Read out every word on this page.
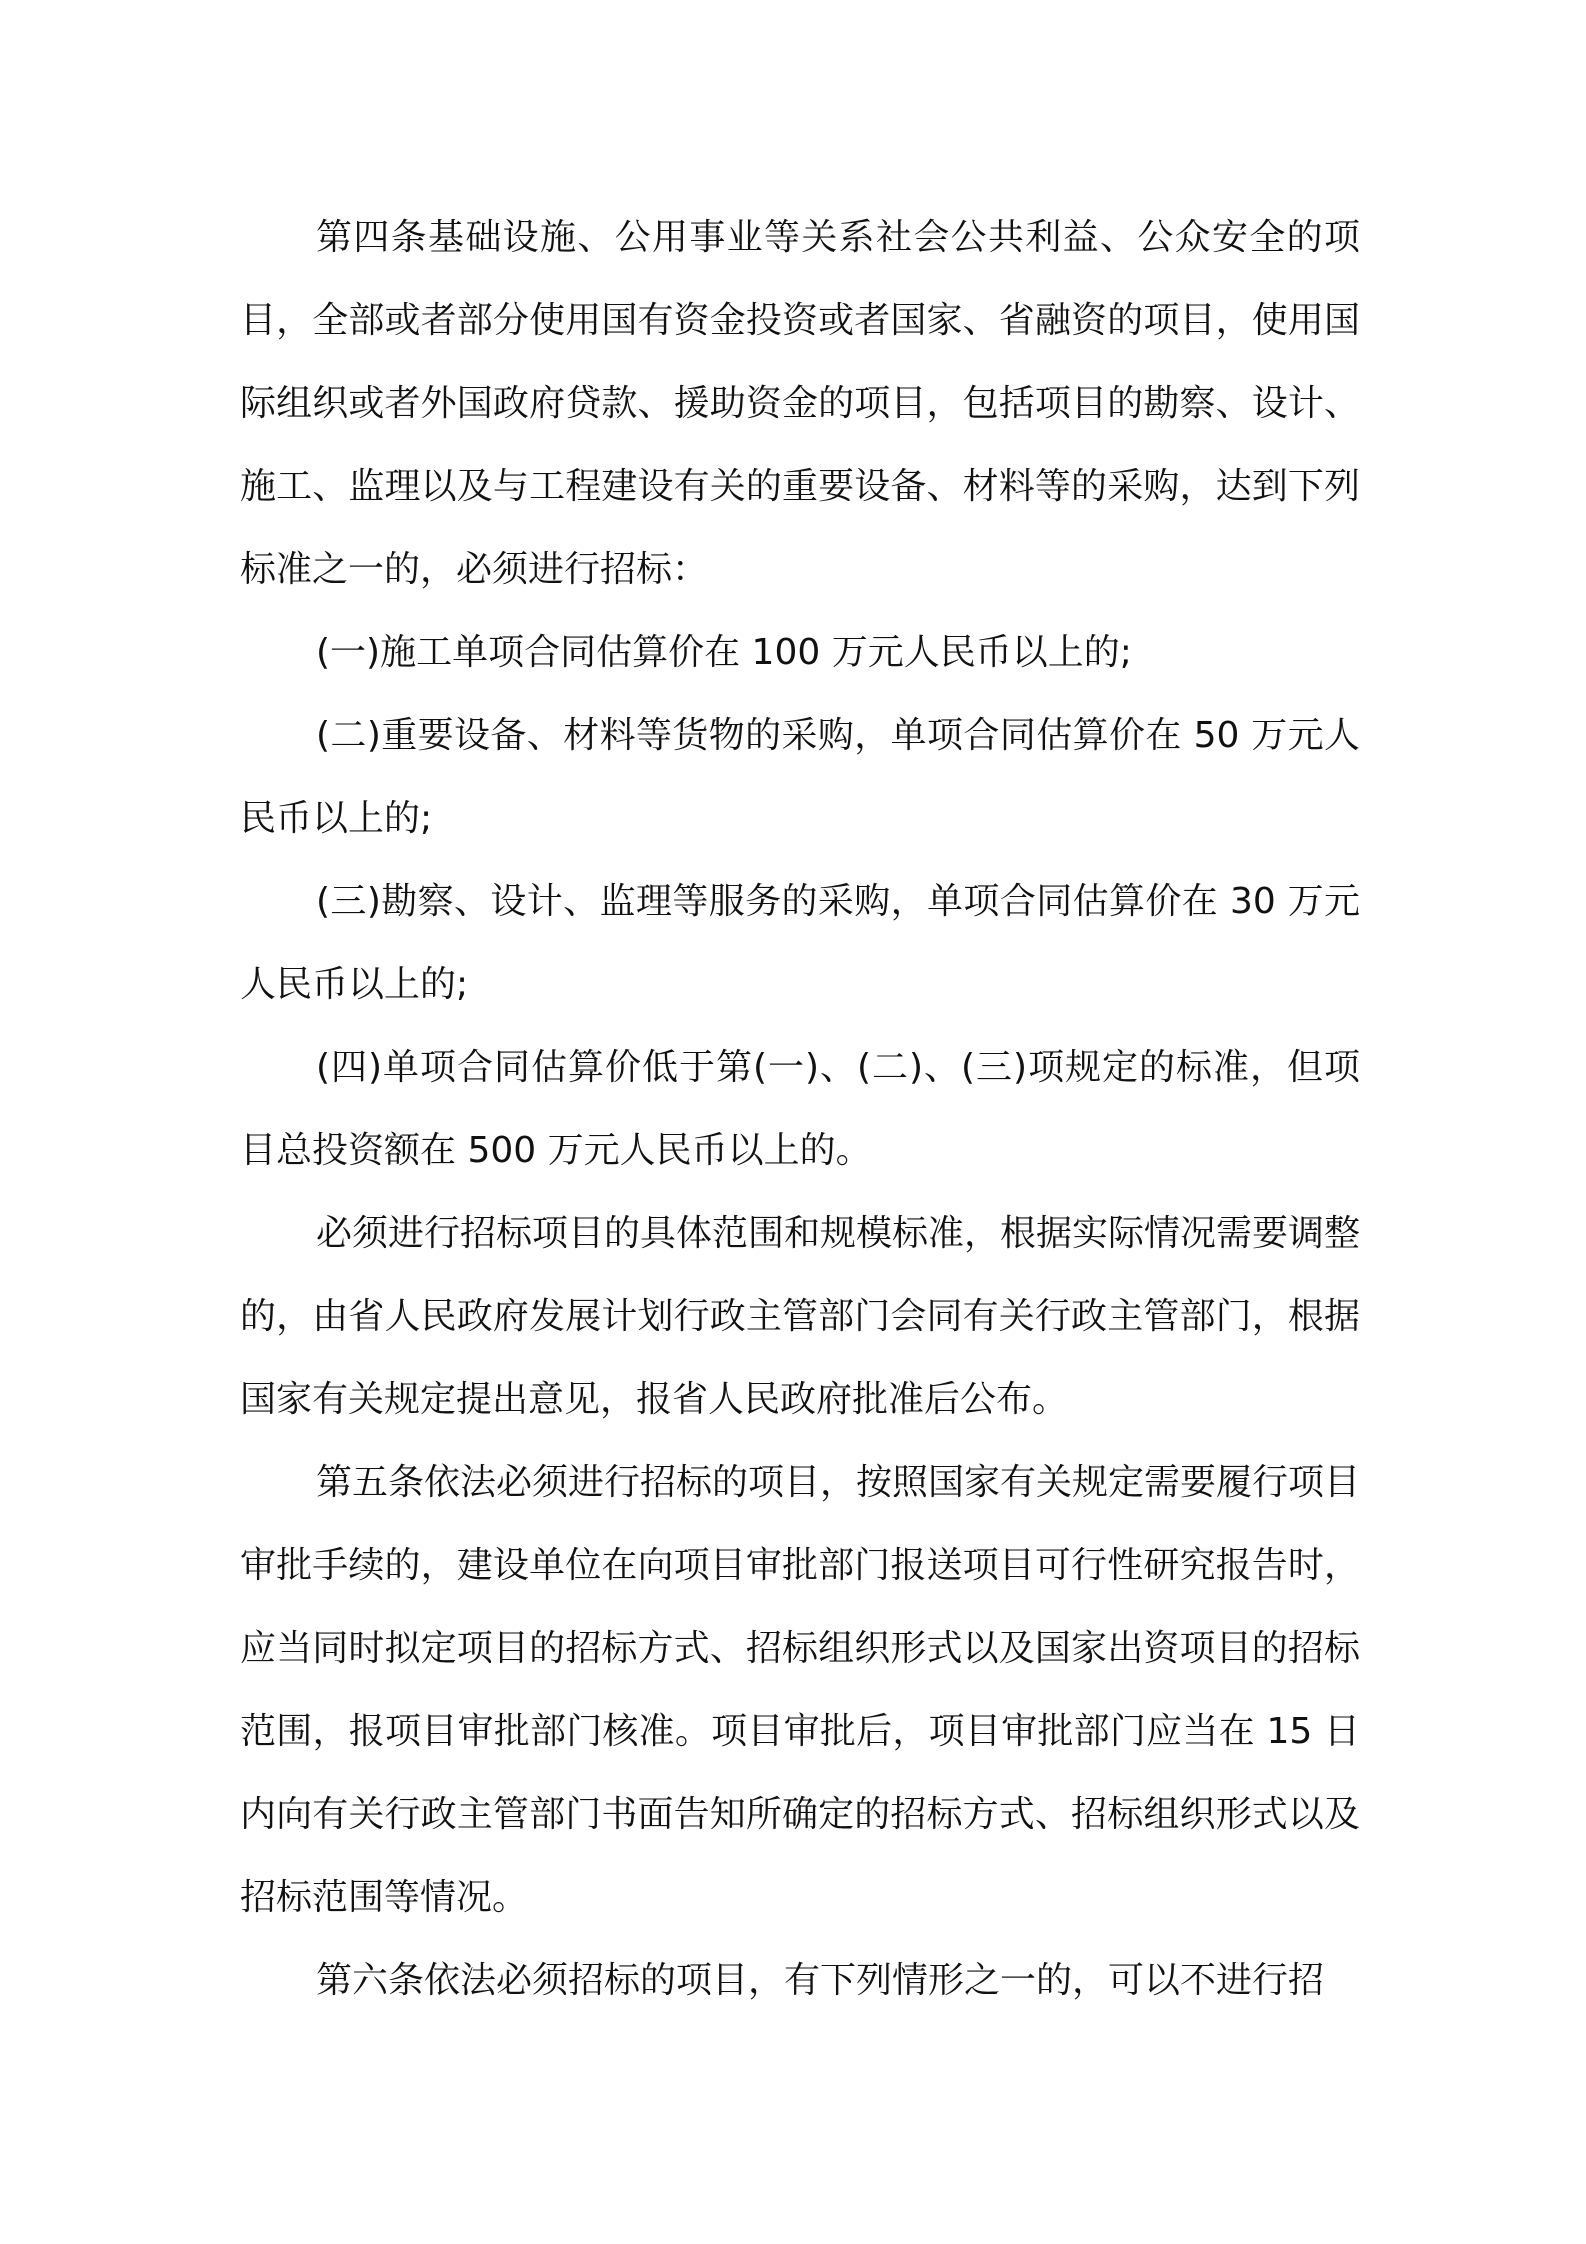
第四条基础设施、公用事业等关系社会公共利益、公众安全的项目，全部或者部分使用国有资金投资或者国家、省融资的项目，使用国际组织或者外国政府贷款、援助资金的项目，包括项目的勘察、设计、施工、监理以及与工程建设有关的重要设备、材料等的采购，达到下列标准之一的，必须进行招标：

(一)施工单项合同估算价在 100 万元人民币以上的;

(二)重要设备、材料等货物的采购，单项合同估算价在 50 万元人民币以上的;

(三)勘察、设计、监理等服务的采购，单项合同估算价在 30 万元人民币以上的;

(四)单项合同估算价低于第(一)、(二)、(三)项规定的标准，但项目总投资额在 500 万元人民币以上的。

必须进行招标项目的具体范围和规模标准，根据实际情况需要调整的，由省人民政府发展计划行政主管部门会同有关行政主管部门，根据国家有关规定提出意见，报省人民政府批准后公布。

第五条依法必须进行招标的项目，按照国家有关规定需要履行项目审批手续的，建设单位在向项目审批部门报送项目可行性研究报告时，应当同时拟定项目的招标方式、招标组织形式以及国家出资项目的招标范围，报项目审批部门核准。项目审批后，项目审批部门应当在 15 日内向有关行政主管部门书面告知所确定的招标方式、招标组织形式以及招标范围等情况。

第六条依法必须招标的项目，有下列情形之一的，可以不进行招
